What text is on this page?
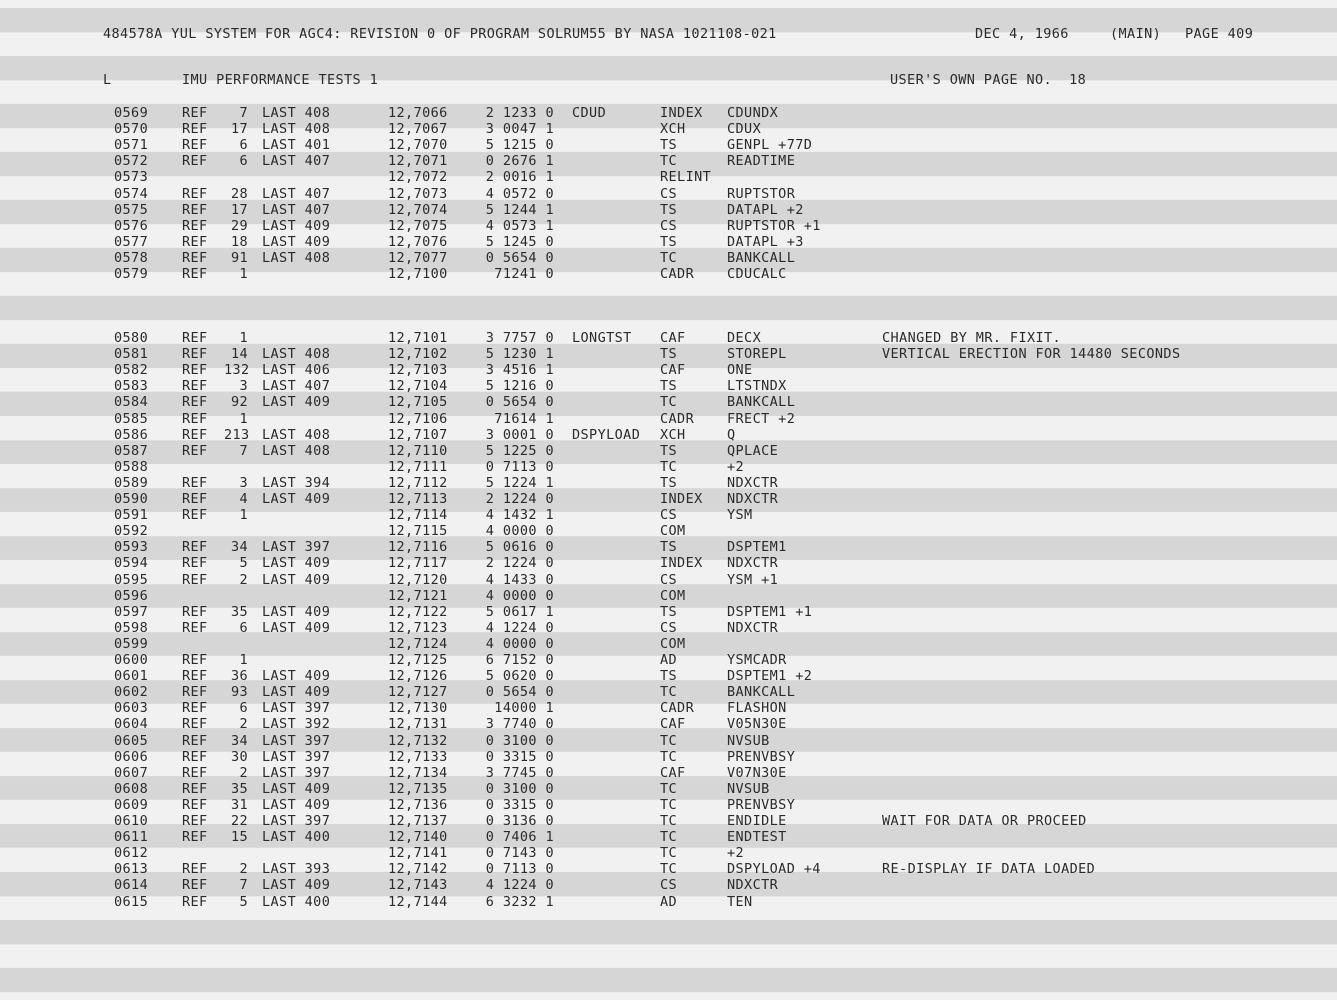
484578A YUL SYSTEM FOR AGC4: REVISION 0 OF PROGRAM SOLRUM55 BY NASA 1021108-021

	DEC 4, 1966

	(MAIN)

PAGE 409

L

	IMU PERFORMANCE TESTS 1

	USER'S OWN PAGE NO.  18

0569	REF	7 LAST 408	12,7066	2 1233 0 CDUD	INDEX CDUNDX
0570	REF	17 LAST 408	12,7067	3 0047 1	XCH	CDUX
0571	REF	6 LAST 401	12,7070	5 1215 0	TS	GENPL +77D
0572	REF	6 LAST 407	12,7071	0 2676 1	TC	READTIME
0573	12,7072	2 0016 1	RELINT
0574	REF	28 LAST 407	12,7073	4 0572 0	CS	RUPTSTOR
0575	REF	17 LAST 407	12,7074	5 1244 1	TS	DATAPL +2
0576	REF	29 LAST 409	12,7075	4 0573 1	CS	RUPTSTOR +1
0577	REF	18 LAST 409	12,7076	5 1245 0	TS	DATAPL +3
0578	REF	91 LAST 408	12,7077	0 5654 0	TC	BANKCALL
0579	REF	1	12,7100	71241 0	CADR CDUCALC
0580	REF	1	12,7101	3 7757 0 LONGTST CAF	DECX	CHANGED BY MR. FIXIT.
0581	REF	14 LAST 408	12,7102	5 1230 1	TS	STOREPL	VERTICAL ERECTION FOR 14480 SECONDS
0582	REF 132 LAST 406	12,7103	3 4516 1	CAF	ONE
0583	REF	3 LAST 407	12,7104	5 1216 0	TS	LTSTNDX
0584	REF	92 LAST 409	12,7105	0 5654 0	TC	BANKCALL
0585	REF	1	12,7106	71614 1	CADR FRECT +2
0586	REF 213 LAST 408	12,7107	3 0001 0 DSPYLOAD XCH	Q
0587	REF	7 LAST 408	12,7110	5 1225 0	TS	QPLACE
0588	12,7111	0 7113 0	TC	+2
0589	REF	3 LAST 394	12,7112	5 1224 1	TS	NDXCTR
0590	REF	4 LAST 409	12,7113	2 1224 0	INDEX NDXCTR
0591	REF	1	12,7114	4 1432 1	CS	YSM
0592	12,7115	4 0000 0	COM
0593	REF	34 LAST 397	12,7116	5 0616 0	TS	DSPTEM1
0594	REF	5 LAST 409	12,7117	2 1224 0	INDEX NDXCTR
0595	REF	2 LAST 409	12,7120	4 1433 0	CS	YSM +1
0596	12,7121	4 0000 0	COM
0597	REF	35 LAST 409	12,7122	5 0617 1	TS	DSPTEM1 +1
0598	REF	6 LAST 409	12,7123	4 1224 0	CS	NDXCTR
0599	12,7124	4 0000 0	COM
0600	REF	1	12,7125	6 7152 0	AD	YSMCADR
0601	REF	36 LAST 409	12,7126	5 0620 0	TS	DSPTEM1 +2
0602	REF	93 LAST 409	12,7127	0 5654 0	TC	BANKCALL
0603	REF	6 LAST 397	12,7130	14000 1	CADR FLASHON
0604	REF	2 LAST 392	12,7131	3 7740 0	CAF	V05N30E
0605	REF	34 LAST 397	12,7132	0 3100 0	TC	NVSUB
0606	REF	30 LAST 397	12,7133	0 3315 0	TC	PRENVBSY
0607	REF	2 LAST 397	12,7134	3 7745 0	CAF	V07N30E
0608	REF	35 LAST 409	12,7135	0 3100 0	TC	NVSUB
0609	REF	31 LAST 409	12,7136	0 3315 0	TC	PRENVBSY
0610	REF	22 LAST 397	12,7137	0 3136 0	TC	ENDIDLE	WAIT FOR DATA OR PROCEED
0611	REF	15 LAST 400	12,7140	0 7406 1	TC	ENDTEST
0612	12,7141	0 7143 0	TC	+2
0613	REF	2 LAST 393	12,7142	0 7113 0	TC	DSPYLOAD +4	RE-DISPLAY IF DATA LOADED
0614	REF	7 LAST 409	12,7143	4 1224 0	CS	NDXCTR
0615	REF	5 LAST 400	12,7144	6 3232 1	AD	TEN
